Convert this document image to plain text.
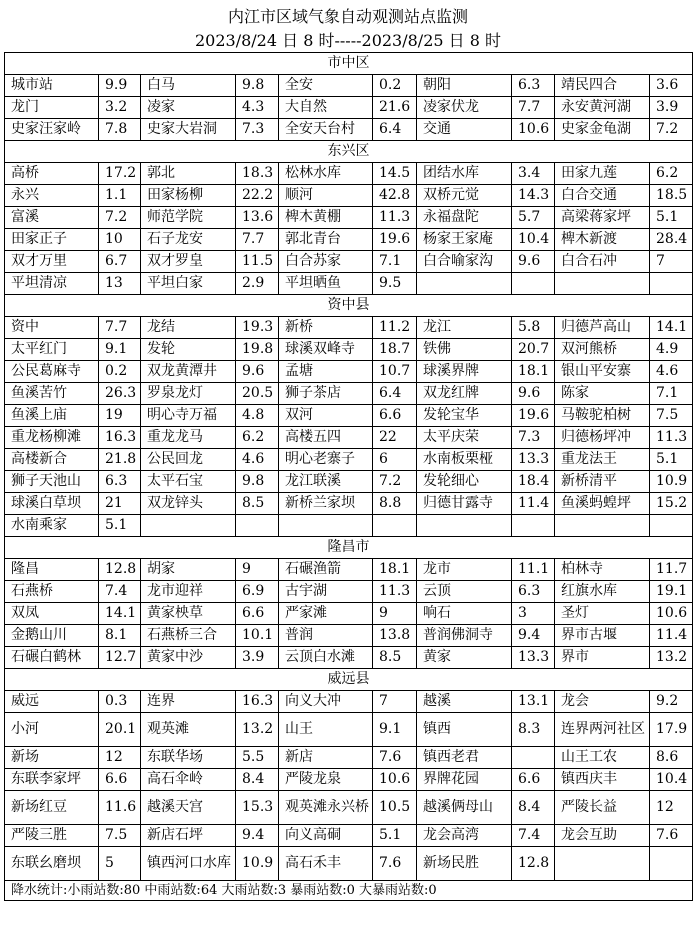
内江市区域气象自动观测站点监测
2023/8/24 日 8 时-----2023/8/25 日 8 时
市中区									
城市站	9.9	白马	9.8	全安	0.2	朝阳	6.3	靖民四合	3.6
龙门	3.2	凌家	4.3	大自然	21.6	凌家伏龙	7.7	永安黄河湖	3.9
史家汪家岭	7.8	史家大岩洞	7.3	全安天台村	6.4	交通	10.6	史家金龟湖	7.2
东兴区									
高桥	17.2	郭北	18.3	松林水库	14.5	团结水库	3.4	田家九莲	6.2
永兴	1.1	田家杨柳	22.2	顺河	42.8	双桥元觉	14.3	白合交通	18.5
富溪	7.2	师范学院	13.6	椑木黄棚	11.3	永福盘陀	5.7	高梁蒋家坪	5.1
田家正子	10	石子龙安	7.7	郭北青台	19.6	杨家王家庵	10.4	椑木新渡	28.4
双才万里	6.7	双才罗皇	11.5	白合苏家	7.1	白合喻家沟	9.6	白合石冲	7
平坦清凉	13	平坦白家	2.9	平坦晒鱼	9.5				
资中县									
资中	7.7	龙结	19.3	新桥	11.2	龙江	5.8	归德芦高山	14.1
太平红门	9.1	发轮	19.8	球溪双峰寺	18.7	铁佛	20.7	双河熊桥	4.9
公民葛麻寺	0.2	双龙黄潭井	9.6	孟塘	10.7	球溪界牌	18.1	银山平安寨	4.6
鱼溪苦竹	26.3	罗泉龙灯	20.5	狮子茶店	6.4	双龙红牌	9.6	陈家	7.1
鱼溪上庙	19	明心寺万福	4.8	双河	6.6	发轮宝华	19.6	马鞍驼柏树	7.5
重龙杨柳滩	16.3	重龙龙马	6.2	高楼五四	22	太平庆荣	7.3	归德杨坪冲	11.3
高楼新合	21.8	公民回龙	4.6	明心老寨子	6	水南板栗桠	13.3	重龙法王	5.1
狮子天池山	6.3	太平石宝	9.8	龙江联溪	7.2	发轮细心	18.4	新桥清平	10.9
球溪白草坝	21	双龙锌头	8.5	新桥兰家坝	8.8	归德甘露寺	11.4	鱼溪蚂蝗坪	15.2
水南乘家	5.1								
隆昌市									
隆昌	12.8	胡家	9	石碾渔箭	18.1	龙市	11.1	柏林寺	11.7
石燕桥	7.4	龙市迎祥	6.9	古宇湖	11.3	云顶	6.3	红旗水库	19.1
双凤	14.1	黄家柍草	6.6	严家滩	9	响石	3	圣灯	10.6
金鹅山川	8.1	石燕桥三合	10.1	普润	13.8	普润佛洞寺	9.4	界市古堰	11.4
石碾白鹤林	12.7	黄家中沙	3.9	云顶白水滩	8.5	黄家	13.3	界市	13.2
威远县									
威远	0.3	连界	16.3	向义大冲	7	越溪	13.1	龙会	9.2
小河	20.1	观英滩	13.2	山王	9.1	镇西	8.3	连界两河社区	17.9
新场	12	东联华场	5.5	新店	7.6	镇西老君		山王工农	8.6
东联李家坪	6.6	高石伞岭	8.4	严陵龙泉	10.6	界牌花园	6.6	镇西庆丰	10.4
新场红豆	11.6	越溪天宫	15.3	观英滩永兴桥	10.5	越溪俩母山	8.4	严陵长益	12
严陵三胜	7.5	新店石坪	9.4	向义高硐	5.1	龙会高湾	7.4	龙会互助	7.6
东联幺磨坝	5	镇西河口水库	10.9	高石禾丰	7.6	新场民胜	12.8		
降水统计:小雨站数:80 中雨站数:64 大雨站数:3 暴雨站数:0 大暴雨站数:0									
